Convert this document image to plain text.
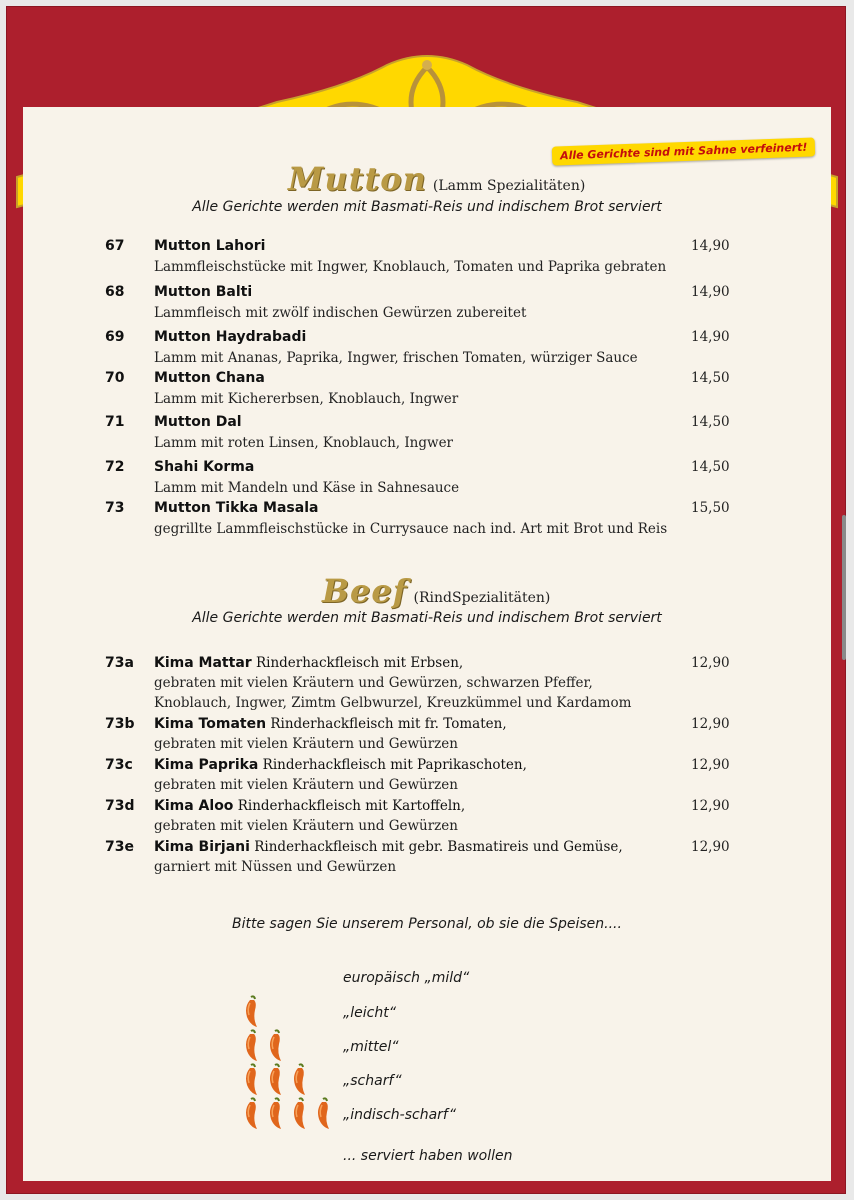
Alle Gerichte sind mit Sahne verfeinert!
Mutton (Lamm Spezialitäten)
Alle Gerichte werden mit Basmati-Reis und indischem Brot serviert
67 Mutton Lahori	14,90
Lammfleischstücke mit Ingwer, Knoblauch, Tomaten und Paprika gebraten
68 Mutton Balti	14,90
Lammfleisch mit zwölf indischen Gewürzen zubereitet
69 Mutton Haydrabadi	14,90
Lamm mit Ananas, Paprika, Ingwer, frischen Tomaten, würziger Sauce
70 Mutton Chana	14,50
Lamm mit Kichererbsen, Knoblauch, Ingwer
71 Mutton Dal	14,50
Lamm mit roten Linsen, Knoblauch, Ingwer
72 Shahi Korma	14,50
Lamm mit Mandeln und Käse in Sahnesauce
73 Mutton Tikka Masala	15,50
gegrillte Lammfleischstücke in Currysauce nach ind. Art mit Brot und Reis
Beef (RindSpezialitäten)
Alle Gerichte werden mit Basmati-Reis und indischem Brot serviert
73a Kima Mattar Rinderhackfleisch mit Erbsen,	12,90
gebraten mit vielen Kräutern und Gewürzen, schwarzen Pfeffer,
Knoblauch, Ingwer, Zimtm Gelbwurzel, Kreuzkümmel und Kardamom
73b Kima Tomaten Rinderhackfleisch mit fr. Tomaten,	12,90
gebraten mit vielen Kräutern und Gewürzen
73c Kima Paprika Rinderhackfleisch mit Paprikaschoten,	12,90
gebraten mit vielen Kräutern und Gewürzen
73d Kima Aloo Rinderhackfleisch mit Kartoffeln,	12,90
gebraten mit vielen Kräutern und Gewürzen
73e Kima Birjani Rinderhackfleisch mit gebr. Basmatireis und Gemüse,	12,90
garniert mit Nüssen und Gewürzen
Bitte sagen Sie unserem Personal, ob sie die Speisen....
europäisch „mild“
„leicht“
„mittel“
„scharf“
„indisch-scharf“
... serviert haben wollen
